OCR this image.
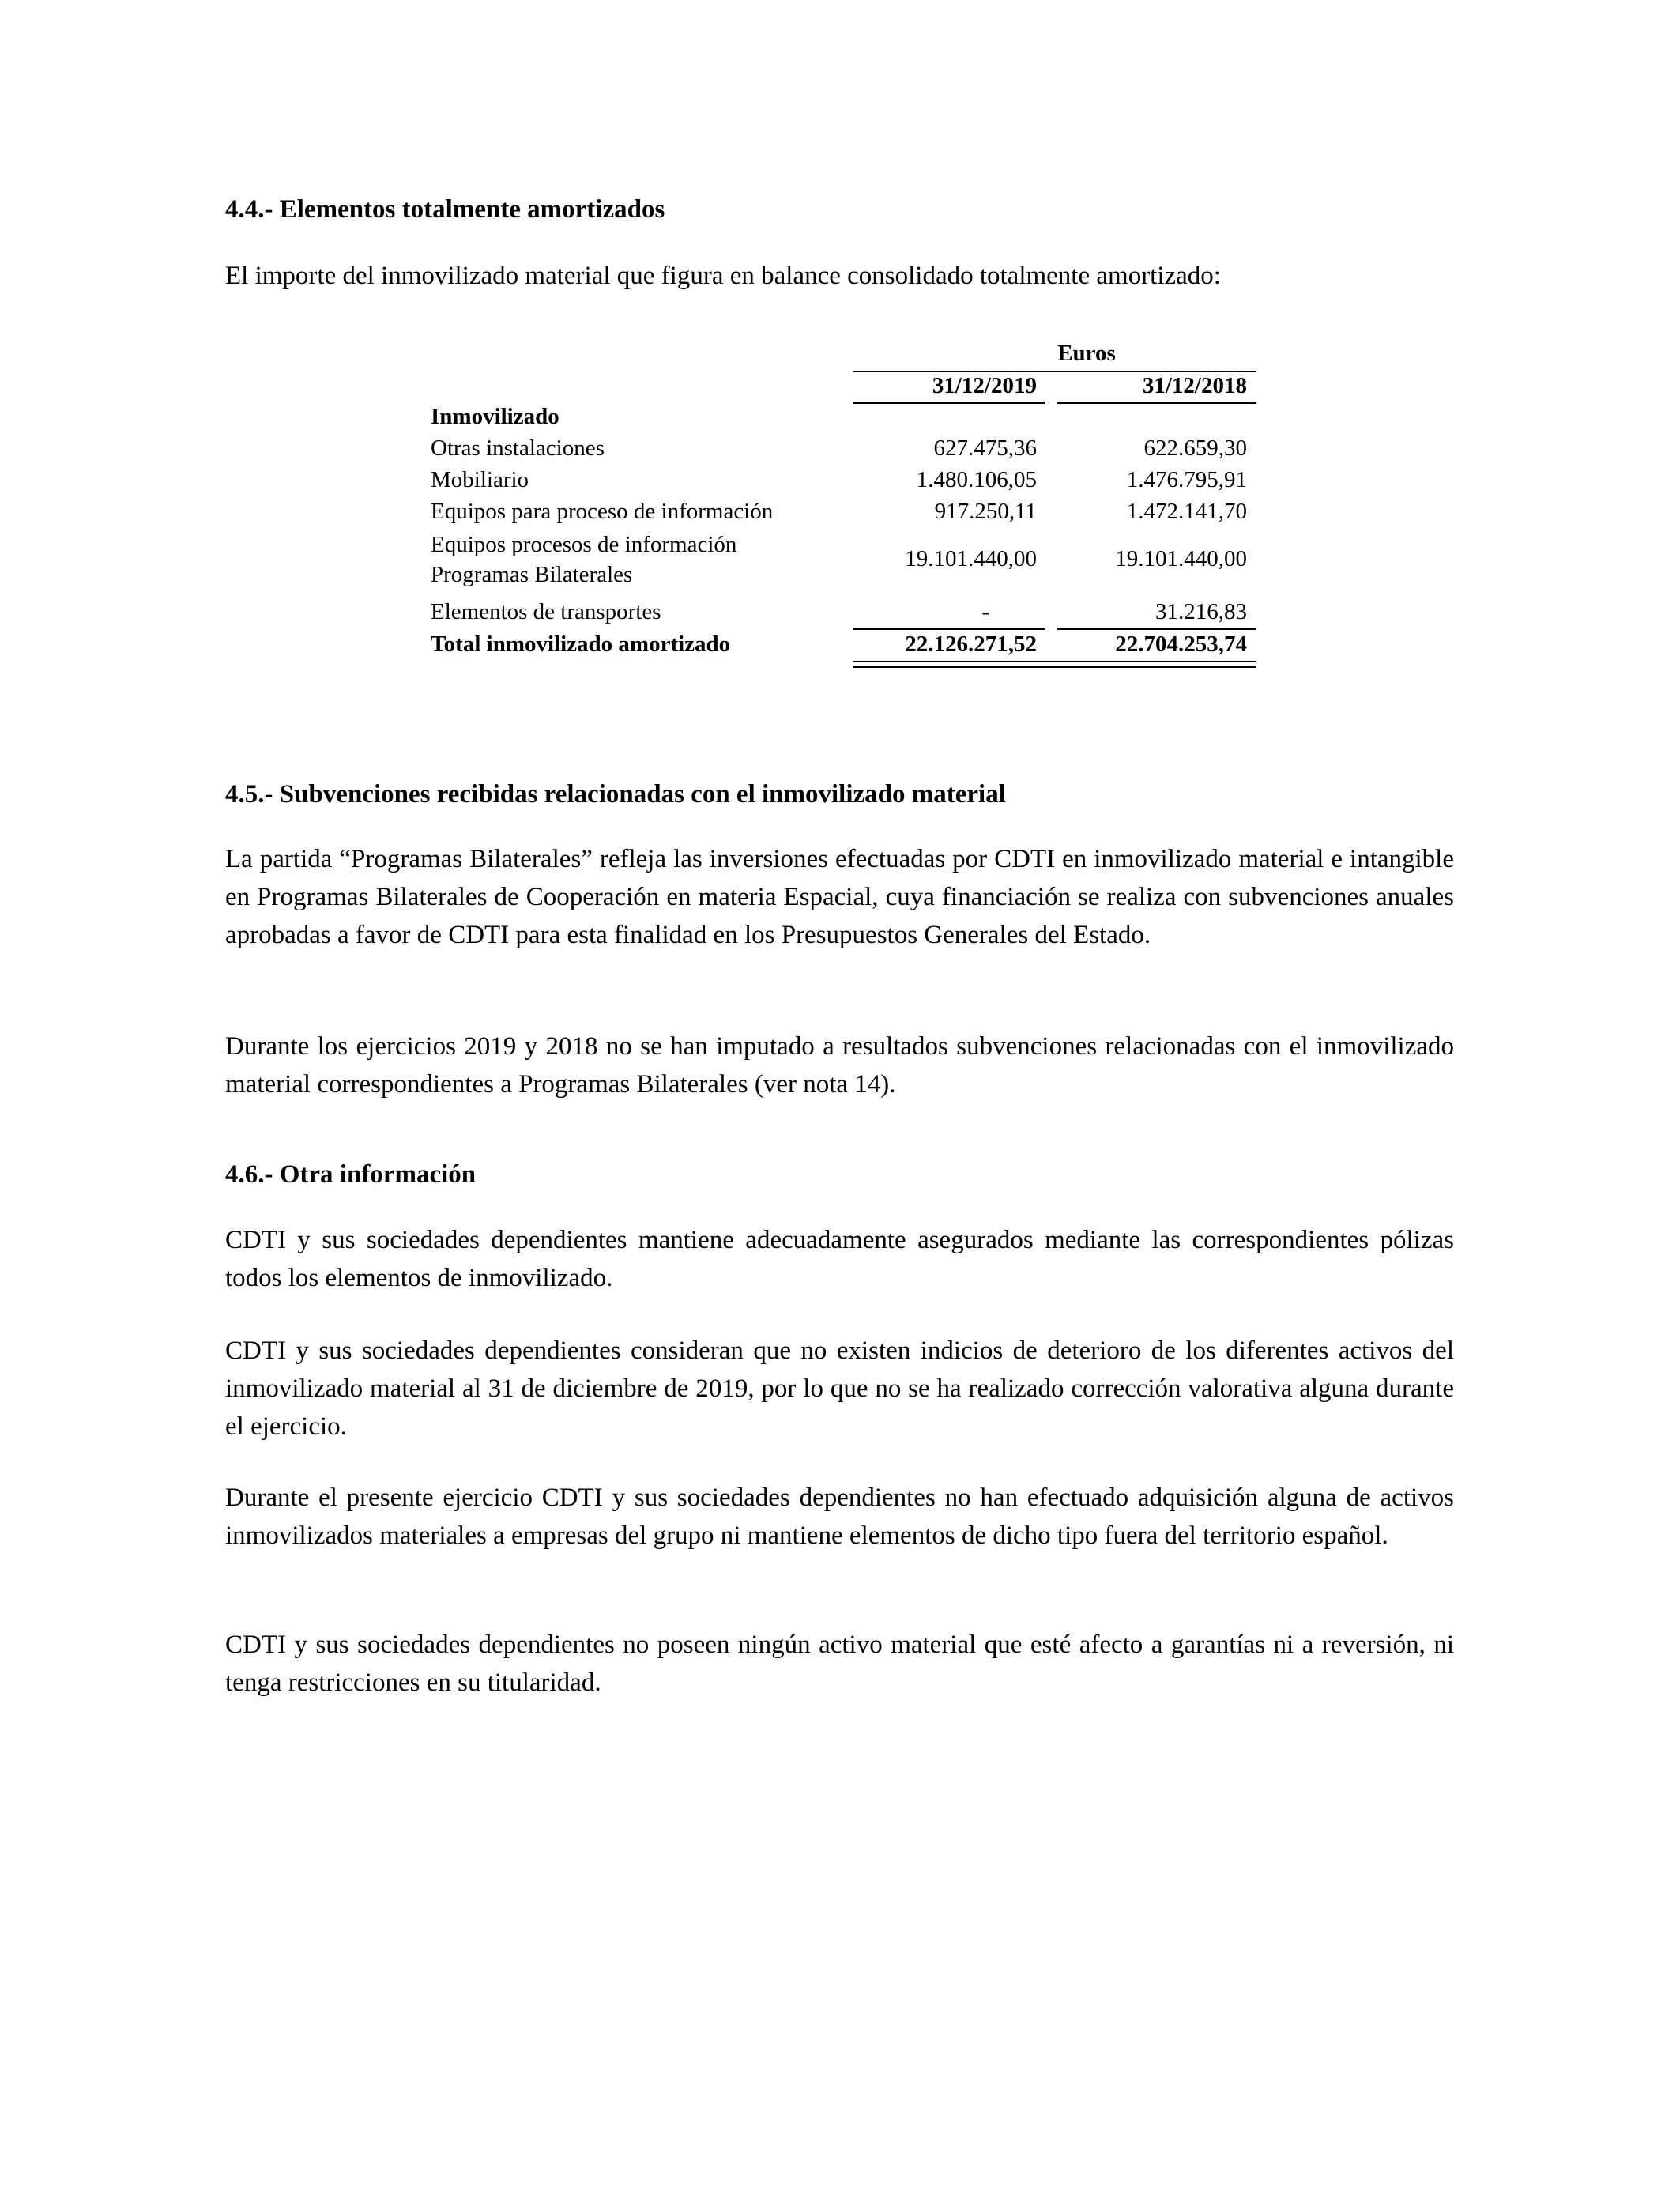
4.4.- Elementos totalmente amortizados

El importe del inmovilizado material que figura en balance consolidado totalmente amortizado:

Euros
31/12/2019	31/12/2018
Inmovilizado
Otras instalaciones	627.475,36	622.659,30
Mobiliario	1.480.106,05	1.476.795,91
Equipos para proceso de información	917.250,11	1.472.141,70
Equipos procesos de información
Programas Bilaterales
19.101.440,00	19.101.440,00
Elementos de transportes	-	31.216,83
Total inmovilizado amortizado	22.126.271,52	22.704.253,74
4.5.- Subvenciones recibidas relacionadas con el inmovilizado material

La partida “Programas Bilaterales” refleja las inversiones efectuadas por CDTI en inmovilizado material e intangible en Programas Bilaterales de Cooperación en materia Espacial, cuya financiación se realiza con subvenciones anuales aprobadas a favor de CDTI para esta finalidad en los Presupuestos Generales del Estado.

Durante los ejercicios 2019 y 2018 no se han imputado a resultados subvenciones relacionadas con el inmovilizado material correspondientes a Programas Bilaterales (ver nota 14).

4.6.- Otra información

CDTI y sus sociedades dependientes mantiene adecuadamente asegurados mediante las correspondientes pólizas todos los elementos de inmovilizado.

CDTI y sus sociedades dependientes consideran que no existen indicios de deterioro de los diferentes activos del inmovilizado material al 31 de diciembre de 2019, por lo que no se ha realizado corrección valorativa alguna durante el ejercicio.

Durante el presente ejercicio CDTI y sus sociedades dependientes no han efectuado adquisición alguna de activos inmovilizados materiales a empresas del grupo ni mantiene elementos de dicho tipo fuera del territorio español.

CDTI y sus sociedades dependientes no poseen ningún activo material que esté afecto a garantías ni a reversión, ni tenga restricciones en su titularidad.
